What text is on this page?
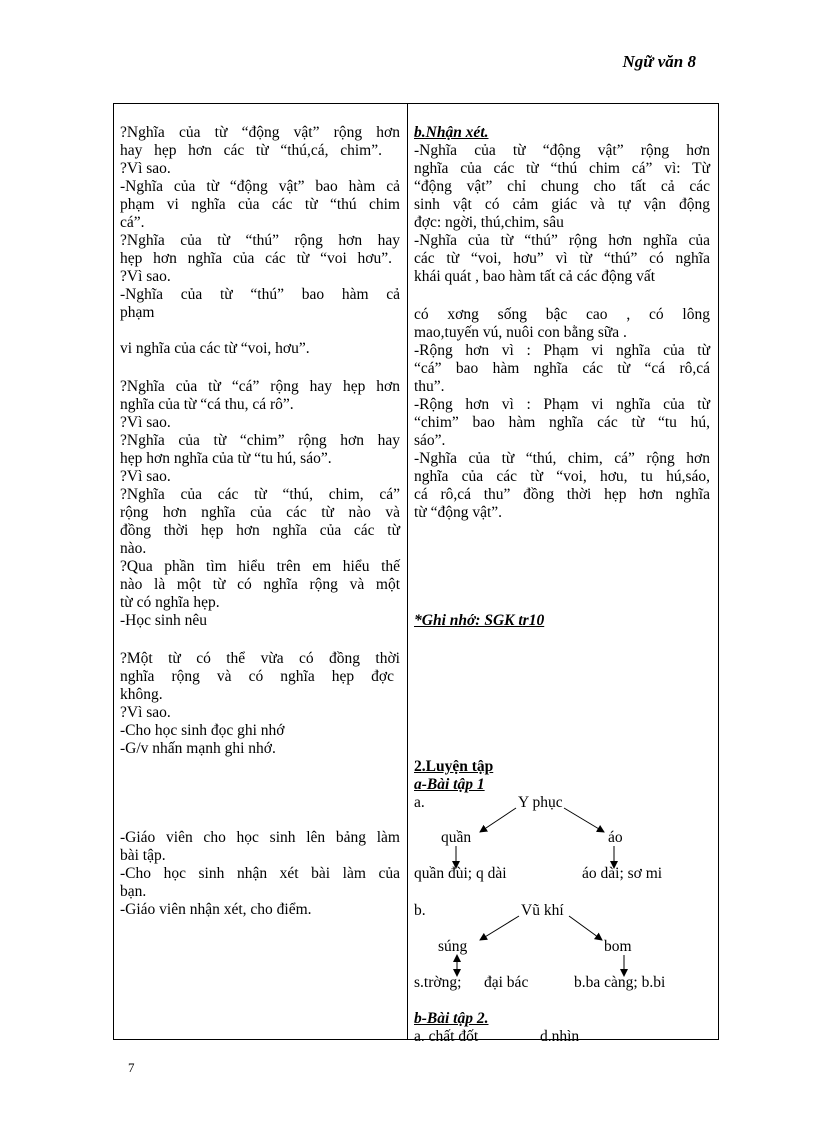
Ngữ văn 8
?Nghĩa của từ “động vật” rộng hơn
hay hẹp hơn các từ “thú,cá, chim”.
?Vì sao.
-Nghĩa của từ “động vật” bao hàm cả
phạm vi nghĩa của các từ “thú chim
cá”.
?Nghĩa của từ “thú” rộng hơn hay
hẹp hơn nghĩa của các từ “voi hơu”.
?Vì sao.
-Nghĩa của từ “thú” bao hàm cả
phạm
vi nghĩa của các từ “voi, hơu”.
?Nghĩa của từ “cá” rộng hay hẹp hơn
nghĩa của từ “cá thu, cá rô”.
?Vì sao.
?Nghĩa của từ “chim” rộng hơn hay
hẹp hơn nghĩa của từ “tu hú, sáo”.
?Vì sao.
?Nghĩa của các từ “thú, chim, cá”
rộng hơn nghĩa của các từ nào và
đồng thời hẹp hơn nghĩa của các từ
nào.
?Qua phần tìm hiểu trên em hiểu thế
nào là một từ có nghĩa rộng và một
từ có nghĩa hẹp.
-Học sinh nêu
?Một từ có thể vừa có đồng thời
nghĩa rộng và có nghĩa hẹp đợc
không.
?Vì sao.
-Cho học sinh đọc ghi nhớ
-G/v nhấn mạnh ghi nhớ.
-Giáo viên cho học sinh lên bảng làm
bài tập.
-Cho học sinh nhận xét bài làm của
bạn.
-Giáo viên nhận xét, cho điểm.
b.Nhận xét.
-Nghĩa của từ “động vật” rộng hơn
nghĩa của các từ “thú chim cá” vì: Từ
“động vật” chỉ chung cho tất cả các
sinh vật có cảm giác và tự vận động
đợc: ngời, thú,chim, sâu
-Nghĩa của từ “thú” rộng hơn nghĩa của
các từ “voi, hơu” vì từ “thú” có nghĩa
khái quát , bao hàm tất cả các động vất
có xơng sống bậc cao , có lông
mao,tuyến vú, nuôi con bằng sữa .
-Rộng hơn vì : Phạm vi nghĩa của từ
“cá” bao hàm nghĩa các từ “cá rô,cá
thu”.
-Rộng hơn vì : Phạm vi nghĩa của từ
“chim” bao hàm nghĩa các từ “tu hú,
sáo”.
-Nghĩa của từ “thú, chim, cá” rộng hơn
nghĩa của các từ “voi, hơu, tu hú,sáo,
cá rô,cá thu” đồng thời hẹp hơn nghĩa
từ “động vật”.
*Ghi nhớ: SGK tr10
2.Luyện tập
a-Bài tập 1
a.	Y phục
quần	áo
quần đùi; q dài	áo dài; sơ mi
b.	Vũ khí
súng	bom
s.trờng; đại bác	b.ba càng; b.bi
b-Bài tập 2.
a. chất đốt	d.nhìn
7
